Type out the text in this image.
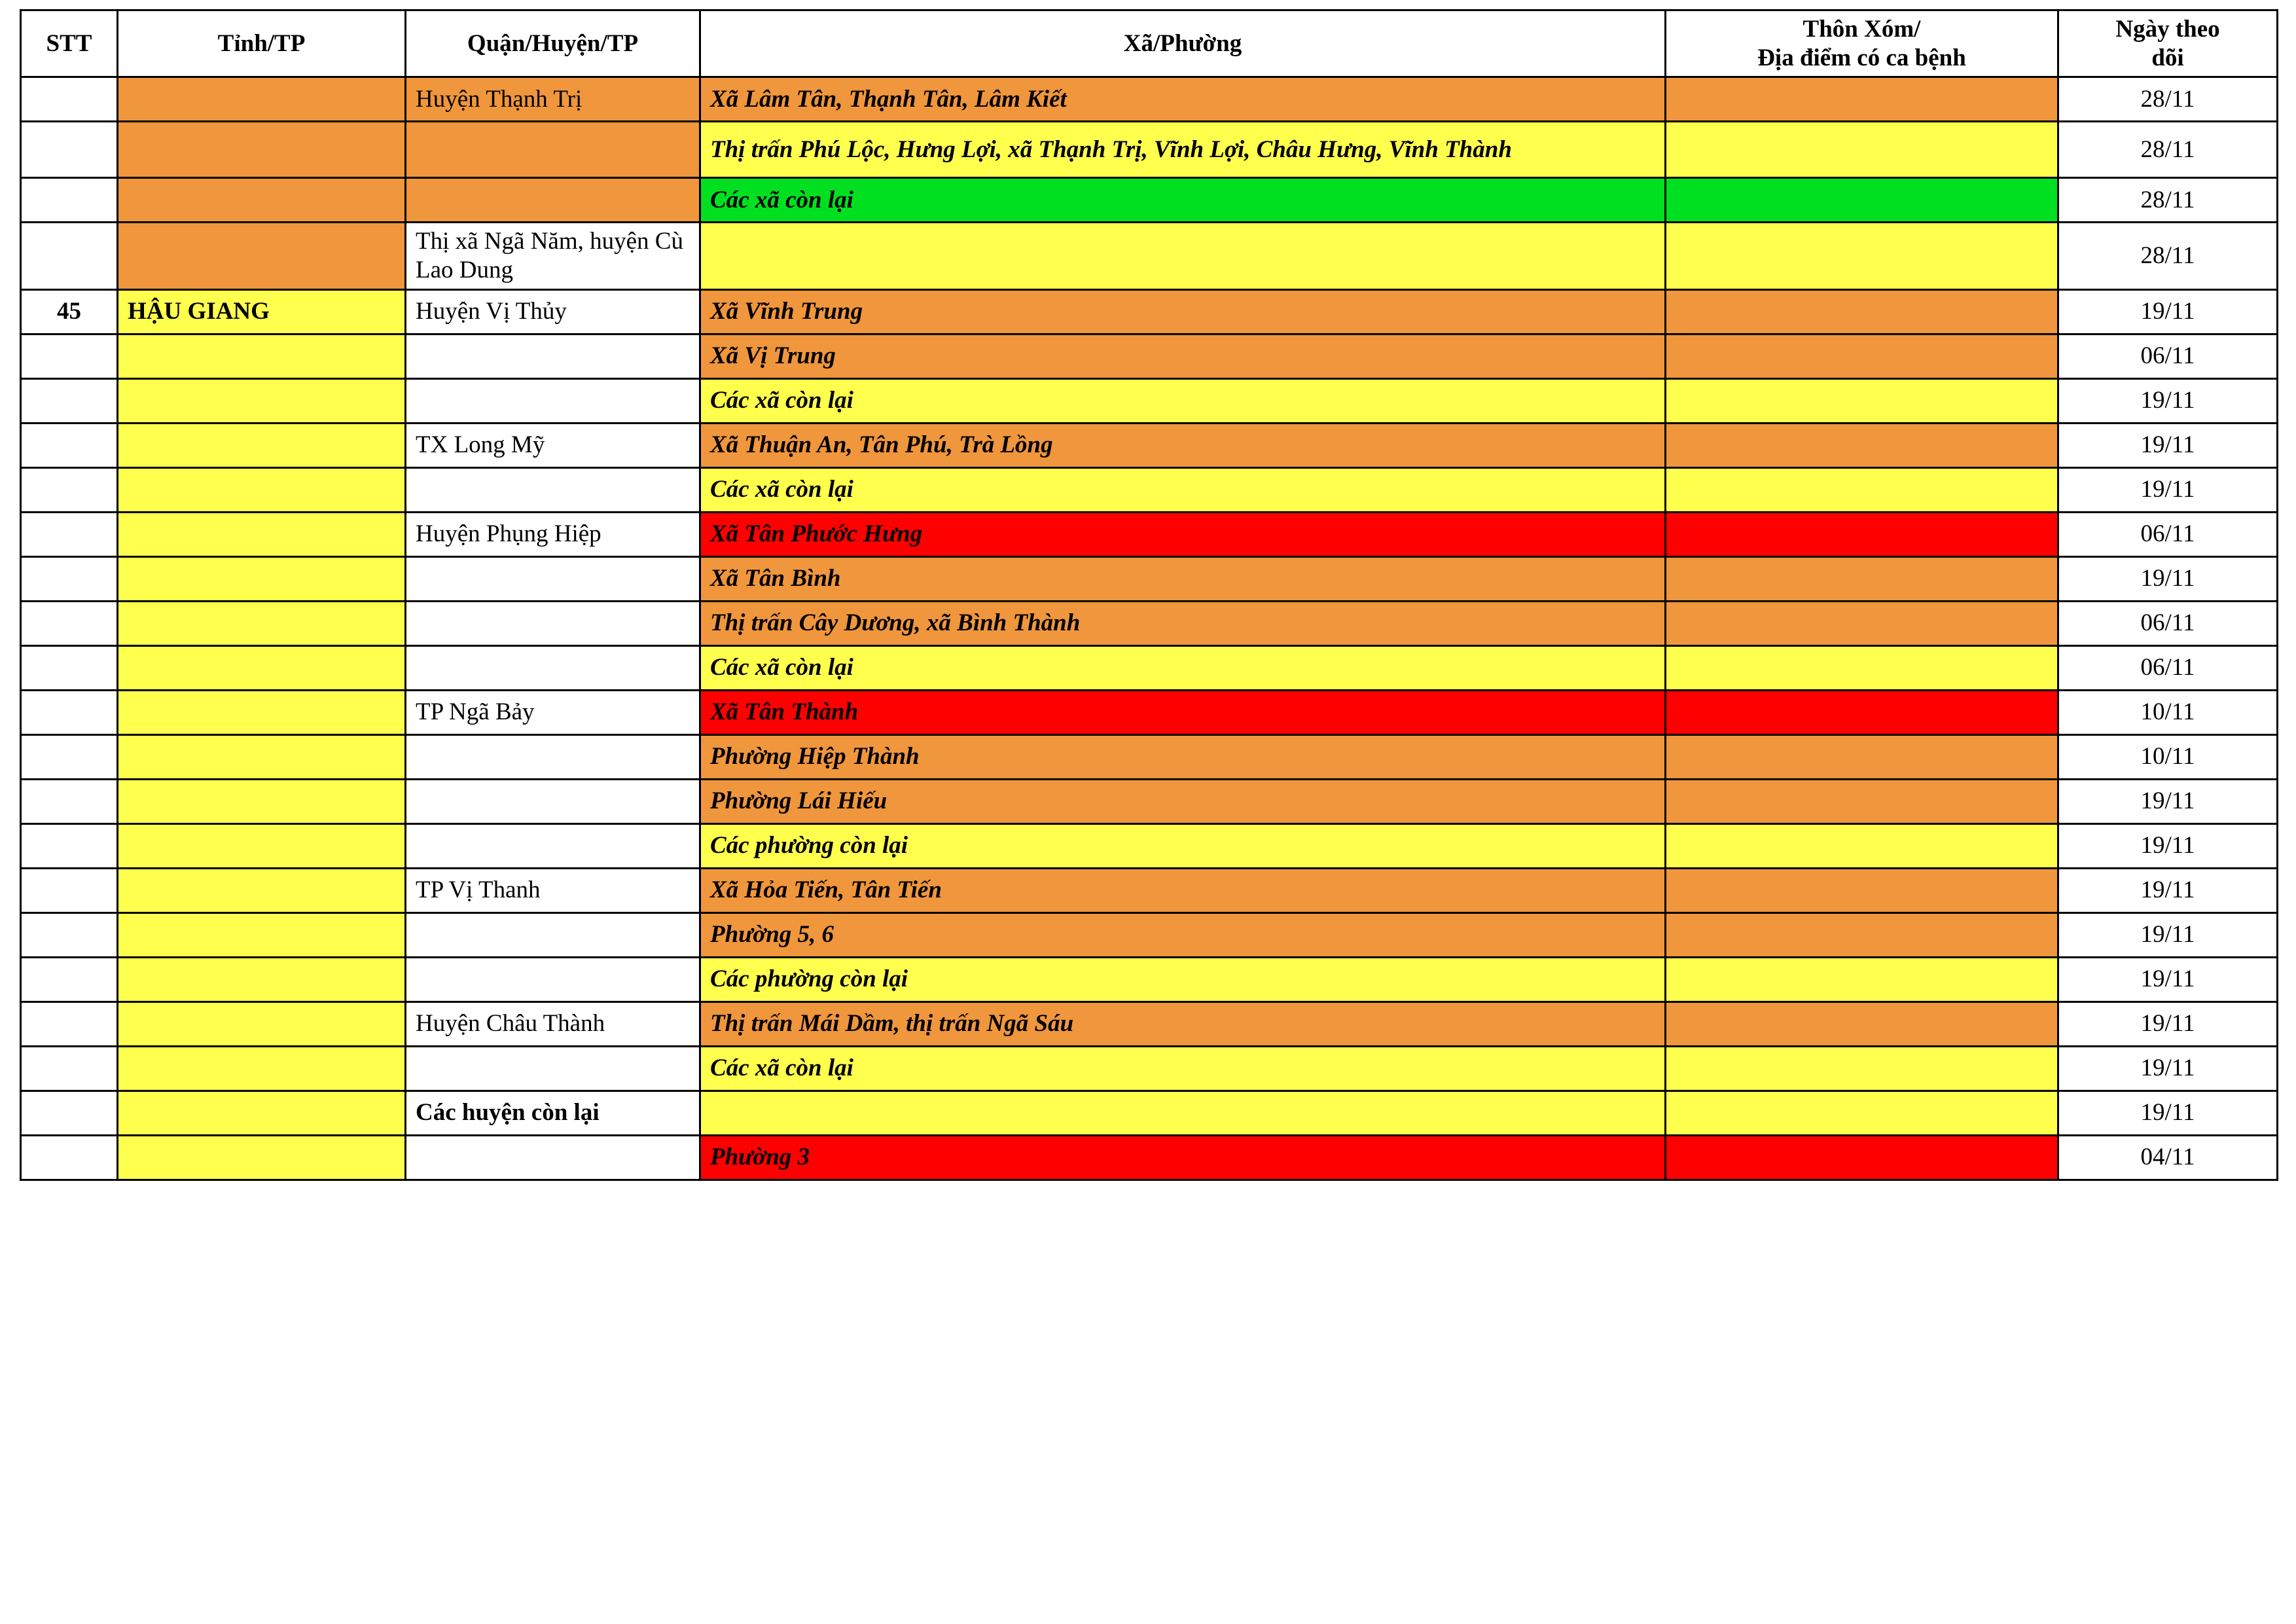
STT	Tỉnh/TP	Quận/Huyện/TP	Xã/Phường	Thôn Xóm/
Địa điểm có ca bệnh	Ngày theo
dõi
		Huyện Thạnh Trị	Xã Lâm Tân, Thạnh Tân, Lâm Kiết		28/11
			Thị trấn Phú Lộc, Hưng Lợi, xã Thạnh Trị, Vĩnh Lợi, Châu Hưng, Vĩnh Thành		28/11
			Các xã còn lại		28/11
		Thị xã Ngã Năm, huyện Cù Lao Dung			28/11
45	HẬU GIANG	Huyện Vị Thủy	Xã Vĩnh Trung		19/11
			Xã Vị Trung		06/11
			Các xã còn lại		19/11
		TX Long Mỹ	Xã Thuận An, Tân Phú, Trà Lồng		19/11
			Các xã còn lại		19/11
		Huyện Phụng Hiệp	Xã Tân Phước Hưng		06/11
			Xã Tân Bình		19/11
			Thị trấn Cây Dương, xã Bình Thành		06/11
			Các xã còn lại		06/11
		TP Ngã Bảy	Xã Tân Thành		10/11
			Phường Hiệp Thành		10/11
			Phường Lái Hiếu		19/11
			Các phường còn lại		19/11
		TP Vị Thanh	Xã Hỏa Tiến, Tân Tiến		19/11
			Phường 5, 6		19/11
			Các phường còn lại		19/11
		Huyện Châu Thành	Thị trấn Mái Dầm, thị trấn Ngã Sáu		19/11
			Các xã còn lại		19/11
		Các huyện còn lại			19/11
			Phường 3		04/11
